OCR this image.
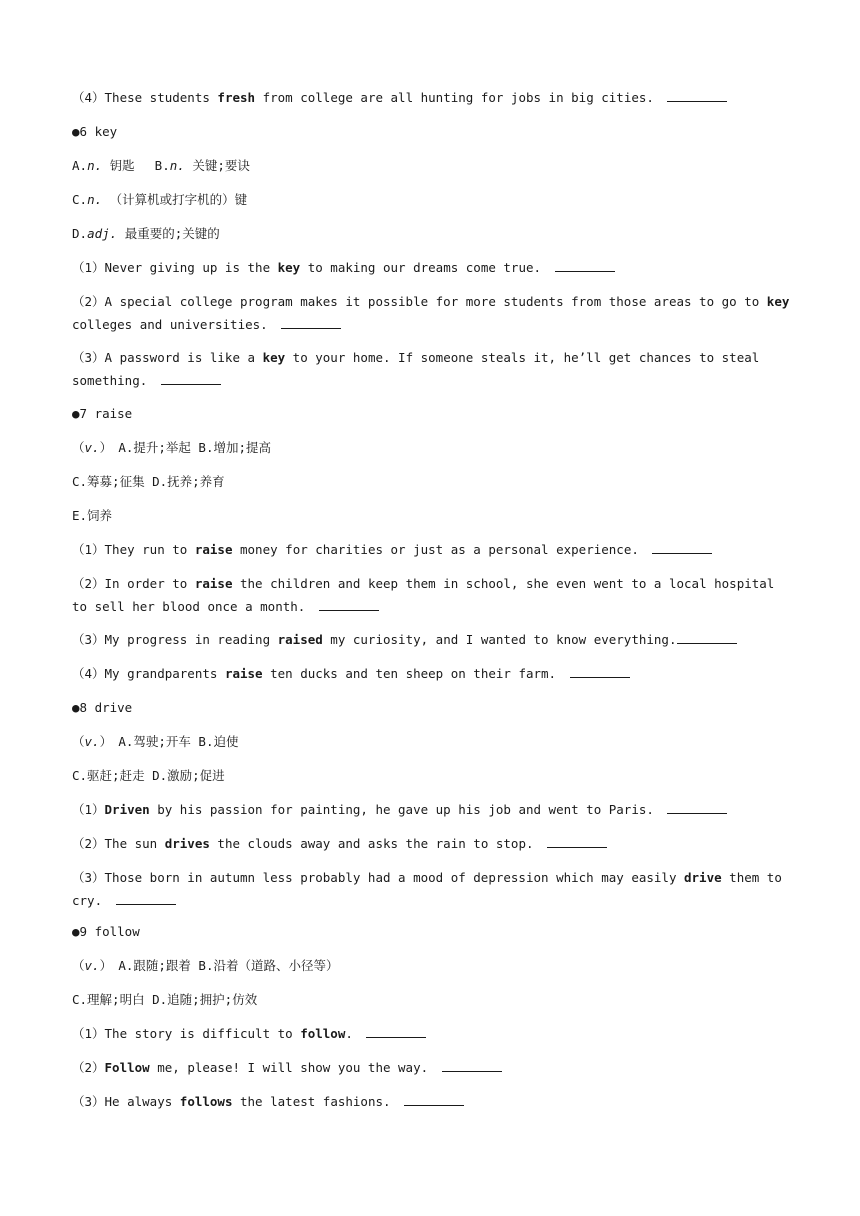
（4）These students fresh from college are all hunting for jobs in big cities.
●6 key
A.n. 钥匙　 B.n. 关键;要诀
C.n. （计算机或打字机的）键
D.adj. 最重要的;关键的
（1）Never giving up is the key to making our dreams come true.
（2）A special college program makes it possible for more students from those areas to go to key colleges and universities.
（3）A password is like a key to your home. If someone steals it, he’ll get chances to steal something.
●7 raise
（v.）　A.提升;举起 B.增加;提高
C.筹募;征集 D.抚养;养育
E.饲养
（1）They run to raise money for charities or just as a personal experience.
（2）In order to raise the children and keep them in school, she even went to a local hospital to sell her blood once a month.
（3）My progress in reading raised my curiosity, and I wanted to know everything.
（4）My grandparents raise ten ducks and ten sheep on their farm.
●8 drive
（v.）　A.驾驶;开车 B.迫使
C.驱赶;赶走 D.激励;促进
（1）Driven by his passion for painting, he gave up his job and went to Paris.
（2）The sun drives the clouds away and asks the rain to stop.
（3）Those born in autumn less probably had a mood of depression which may easily drive them to cry.
●9 follow
（v.）　A.跟随;跟着 B.沿着（道路、小径等）
C.理解;明白 D.追随;拥护;仿效
（1）The story is difficult to follow.
（2）Follow me, please! I will show you the way.
（3）He always follows the latest fashions.
